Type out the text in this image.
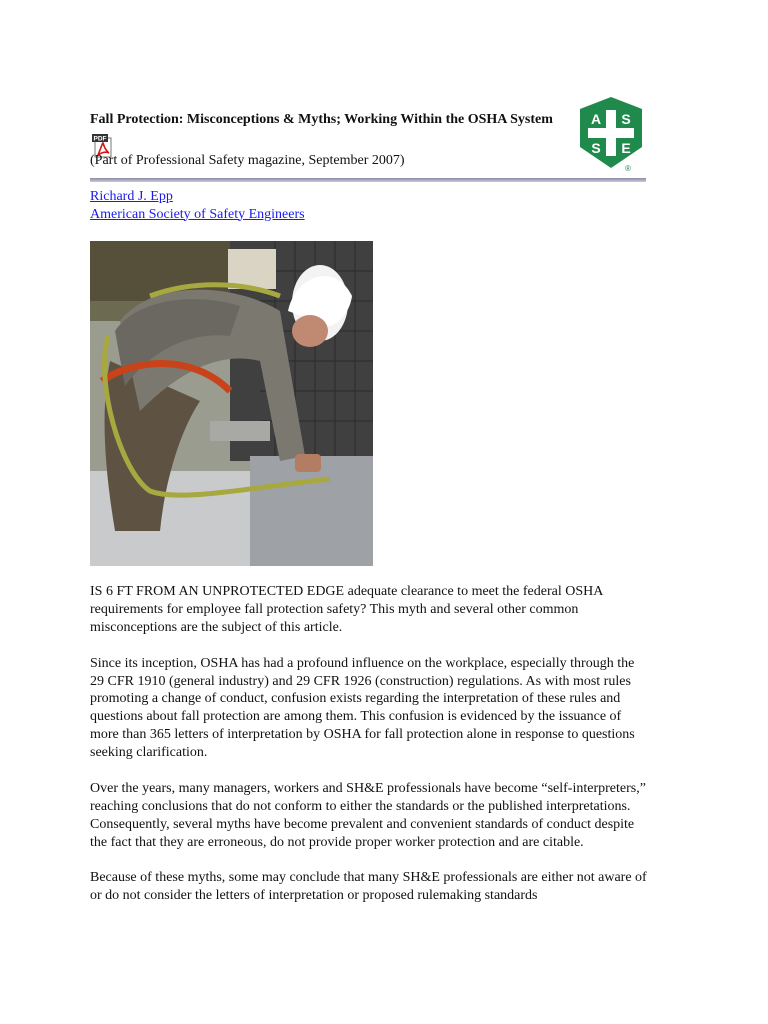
Fall Protection: Misconceptions & Myths; Working Within the OSHA System
PDF
(Part of Professional Safety magazine, September 2007)
A S
S E
®
Richard J. Epp
American Society of Safety Engineers

IS 6 FT FROM AN UNPROTECTED EDGE adequate clearance to meet the federal OSHA requirements for employee fall protection safety? This myth and several other common misconceptions are the subject of this article.

Since its inception, OSHA has had a profound influence on the workplace, especially through the 29 CFR 1910 (general industry) and 29 CFR 1926 (construction) regulations. As with most rules promoting a change of conduct, confusion exists regarding the interpretation of these rules and questions about fall protection are among them. This confusion is evidenced by the issuance of more than 365 letters of interpretation by OSHA for fall protection alone in response to questions seeking clarification.

Over the years, many managers, workers and SH&E professionals have become “self-interpreters,” reaching conclusions that do not conform to either the standards or the published interpretations. Consequently, several myths have become prevalent and convenient standards of conduct despite the fact that they are erroneous, do not provide proper worker protection and are citable.

Because of these myths, some may conclude that many SH&E professionals are either not aware of or do not consider the letters of interpretation or proposed rulemaking standards
